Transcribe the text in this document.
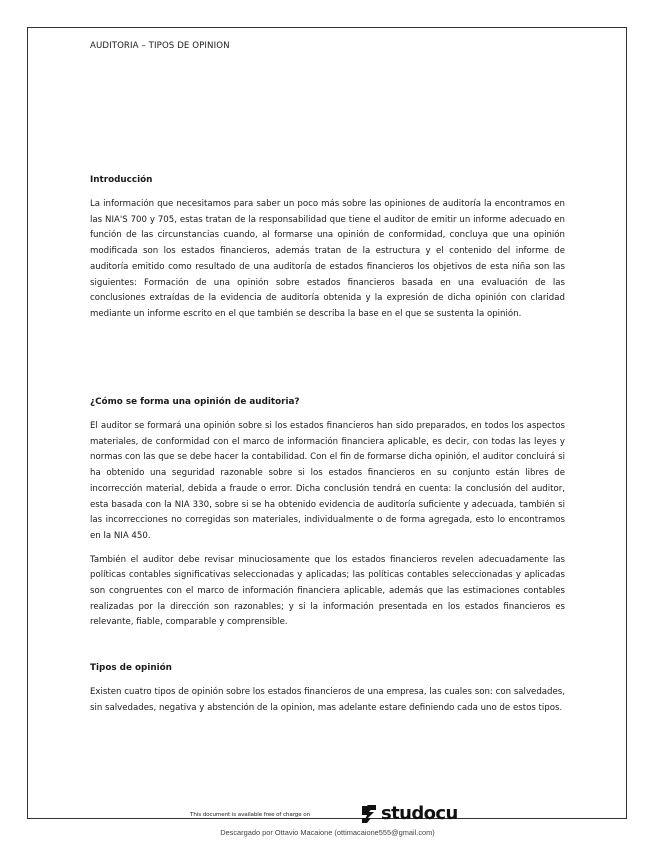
AUDITORIA – TIPOS DE OPINION
Introducción

La información que necesitamos para saber un poco más sobre las opiniones de auditoría la encontramos en las NIA'S 700 y 705, estas tratan de la responsabilidad que tiene el auditor de emitir un informe adecuado en función de las circunstancias cuando, al formarse una opinión de conformidad, concluya que una opinión modificada son los estados financieros, además tratan de la estructura y el contenido del informe de auditoría emitido como resultado de una auditoría de estados financieros los objetivos de esta niña son las siguientes: Formación de una opinión sobre estados financieros basada en una evaluación de las conclusiones extraídas de la evidencia de auditoría obtenida y la expresión de dicha opinión con claridad mediante un informe escrito en el que también se describa la base en el que se sustenta la opinión.

¿Cómo se forma una opinión de auditoria?

El auditor se formará una opinión sobre si los estados financieros han sido preparados, en todos los aspectos materiales, de conformidad con el marco de información financiera aplicable, es decir, con todas las leyes y normas con las que se debe hacer la contabilidad. Con el fin de formarse dicha opinión, el auditor concluirá si ha obtenido una seguridad razonable sobre si los estados financieros en su conjunto están libres de incorrección material, debida a fraude o error. Dicha conclusión tendrá en cuenta: la conclusión del auditor, esta basada con la NIA 330, sobre si se ha obtenido evidencia de auditoría suficiente y adecuada, también si las incorrecciones no corregidas son materiales, individualmente o de forma agregada, esto lo encontramos en la NIA 450.

También el auditor debe revisar minuciosamente que los estados financieros revelen adecuadamente las políticas contables significativas seleccionadas y aplicadas; las políticas contables seleccionadas y aplicadas son congruentes con el marco de información financiera aplicable, además que las estimaciones contables realizadas por la dirección son razonables; y si la información presentada en los estados financieros es relevante, fiable, comparable y comprensible.

Tipos de opinión

Existen cuatro tipos de opinión sobre los estados financieros de una empresa, las cuales son: con salvedades, sin salvedades, negativa y abstención de la opinion, mas adelante estare definiendo cada uno de estos tipos.

This document is available free of charge on	studocu
Descargado por Ottavio Macaione (ottimacaione555@gmail.com)
